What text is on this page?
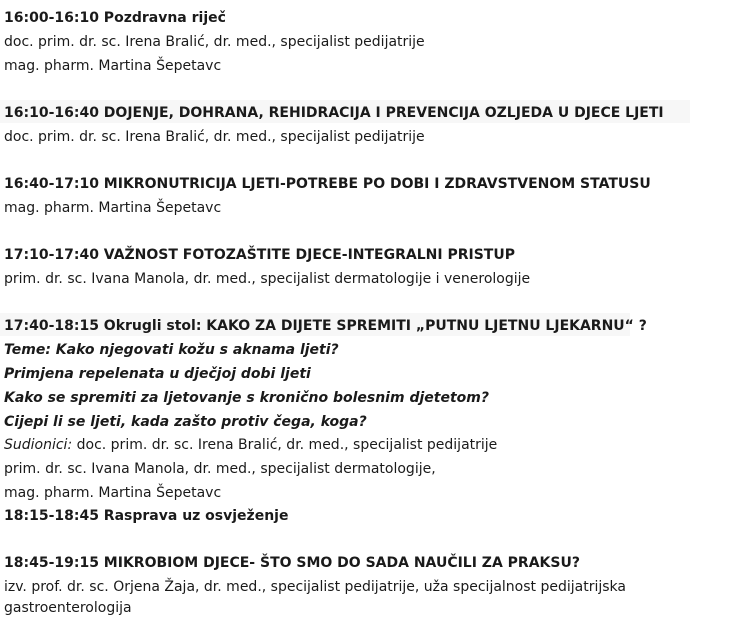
16:00-16:10 Pozdravna riječ
doc. prim. dr. sc. Irena Bralić, dr. med., specijalist pedijatrije
mag. pharm. Martina Šepetavc
16:10-16:40 DOJENJE, DOHRANA, REHIDRACIJA I PREVENCIJA OZLJEDA U DJECE LJETI
doc. prim. dr. sc. Irena Bralić, dr. med., specijalist pedijatrije
16:40-17:10 MIKRONUTRICIJA LJETI-POTREBE PO DOBI I ZDRAVSTVENOM STATUSU
mag. pharm. Martina Šepetavc
17:10-17:40 VAŽNOST FOTOZAŠTITE DJECE-INTEGRALNI PRISTUP
prim. dr. sc. Ivana Manola, dr. med., specijalist dermatologije i venerologije
17:40-18:15 Okrugli stol: KAKO ZA DIJETE SPREMITI „PUTNU LJETNU LJEKARNU“ ?
Teme: Kako njegovati kožu s aknama ljeti?
Primjena repelenata u dječjoj dobi ljeti
Kako se spremiti za ljetovanje s kronično bolesnim djetetom?
Cijepi li se ljeti, kada zašto protiv čega, koga?
Sudionici: doc. prim. dr. sc. Irena Bralić, dr. med., specijalist pedijatrije
prim. dr. sc. Ivana Manola, dr. med., specijalist dermatologije,
mag. pharm. Martina Šepetavc
18:15-18:45 Rasprava uz osvježenje
18:45-19:15 MIKROBIOM DJECE- ŠTO SMO DO SADA NAUČILI ZA PRAKSU?
izv. prof. dr. sc. Orjena Žaja, dr. med., specijalist pedijatrije, uža specijalnost pedijatrijska
gastroenterologija
